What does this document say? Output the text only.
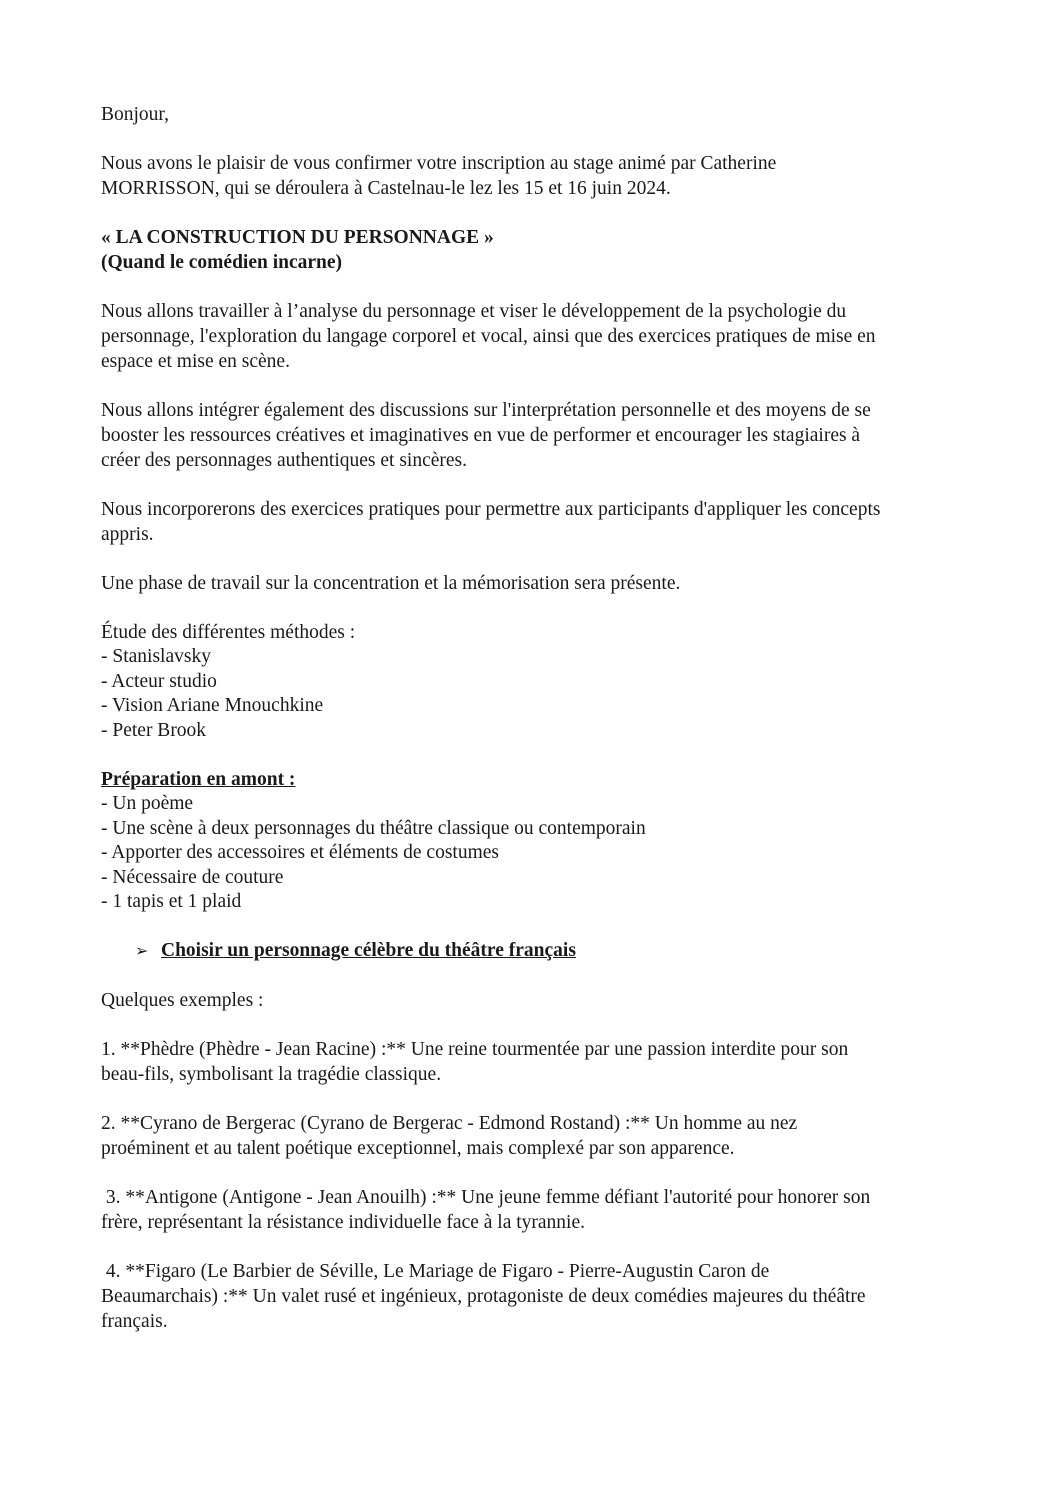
Bonjour,

Nous avons le plaisir de vous confirmer votre inscription au stage animé par Catherine

MORRISSON, qui se déroulera à Castelnau-le lez les 15 et 16 juin 2024.

« LA CONSTRUCTION DU PERSONNAGE »

(Quand le comédien incarne)

Nous allons travailler à l’analyse du personnage et viser le développement de la psychologie du

personnage, l'exploration du langage corporel et vocal, ainsi que des exercices pratiques de mise en

espace et mise en scène.

Nous allons intégrer également des discussions sur l'interprétation personnelle et des moyens de se

booster les ressources créatives et imaginatives en vue de performer et encourager les stagiaires à

créer des personnages authentiques et sincères.

Nous incorporerons des exercices pratiques pour permettre aux participants d'appliquer les concepts

appris.

Une phase de travail sur la concentration et la mémorisation sera présente.

Étude des différentes méthodes :

- Stanislavsky
- Acteur studio
- Vision Ariane Mnouchkine
- Peter Brook

Préparation en amont :

- Un poème
- Une scène à deux personnages du théâtre classique ou contemporain
- Apporter des accessoires et éléments de costumes
- Nécessaire de couture
- 1 tapis et 1 plaid
➢ Choisir un personnage célèbre du théâtre français

Quelques exemples :

1. **Phèdre (Phèdre - Jean Racine) :** Une reine tourmentée par une passion interdite pour son

beau-fils, symbolisant la tragédie classique.

2. **Cyrano de Bergerac (Cyrano de Bergerac - Edmond Rostand) :** Un homme au nez

proéminent et au talent poétique exceptionnel, mais complexé par son apparence.

3. **Antigone (Antigone - Jean Anouilh) :** Une jeune femme défiant l'autorité pour honorer son

frère, représentant la résistance individuelle face à la tyrannie.

4. **Figaro (Le Barbier de Séville, Le Mariage de Figaro - Pierre-Augustin Caron de

Beaumarchais) :** Un valet rusé et ingénieux, protagoniste de deux comédies majeures du théâtre

français.
